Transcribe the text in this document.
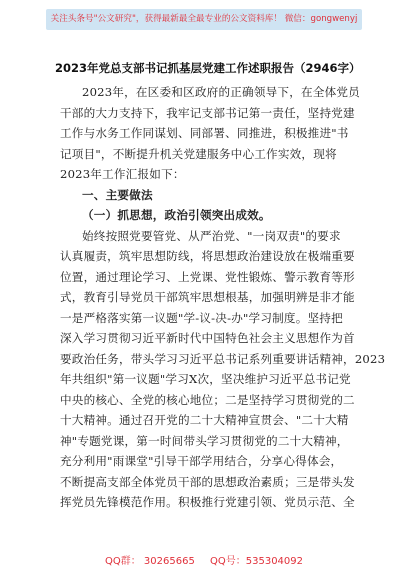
关注头条号"公文研究"，获得最新最全最专业的公文资料库！ 微信：gongwenyj
2023年党总支部书记抓基层党建工作述职报告（2946字）
2023年，在区委和区政府的正确领导下，在全体党员
干部的大力支持下，我牢记支部书记第一责任，坚持党建
工作与水务工作同谋划、同部署、同推进，积极推进"书
记项目"，不断提升机关党建服务中心工作实效，现将
2023年工作汇报如下：
一、主要做法
（一）抓思想，政治引领突出成效。
始终按照党要管党、从严治党、"一岗双责"的要求
认真履责，筑牢思想防线，将思想政治建设放在极端重要
位置，通过理论学习、上党课、党性锻炼、警示教育等形
式，教育引导党员干部筑牢思想根基，加强明辨是非才能
一是严格落实第一议题"学-议-决-办"学习制度。坚持把
深入学习贯彻习近平新时代中国特色社会主义思想作为首
要政治任务，带头学习习近平总书记系列重要讲话精神，2023
年共组织"第一议题"学习X次，坚决维护习近平总书记党
中央的核心、全党的核心地位；二是坚持学习贯彻党的二
十大精神。通过召开党的二十大精神宣贯会、"二十大精
神"专题党课，第一时间带头学习贯彻党的二十大精神，
充分利用"雨课堂"引导干部学用结合，分享心得体会，
不断提高支部全体党员干部的思想政治素质；三是带头发
挥党员先锋模范作用。积极推行党建引领、党员示范、全
QQ群： 30265665 QQ号：535304092
